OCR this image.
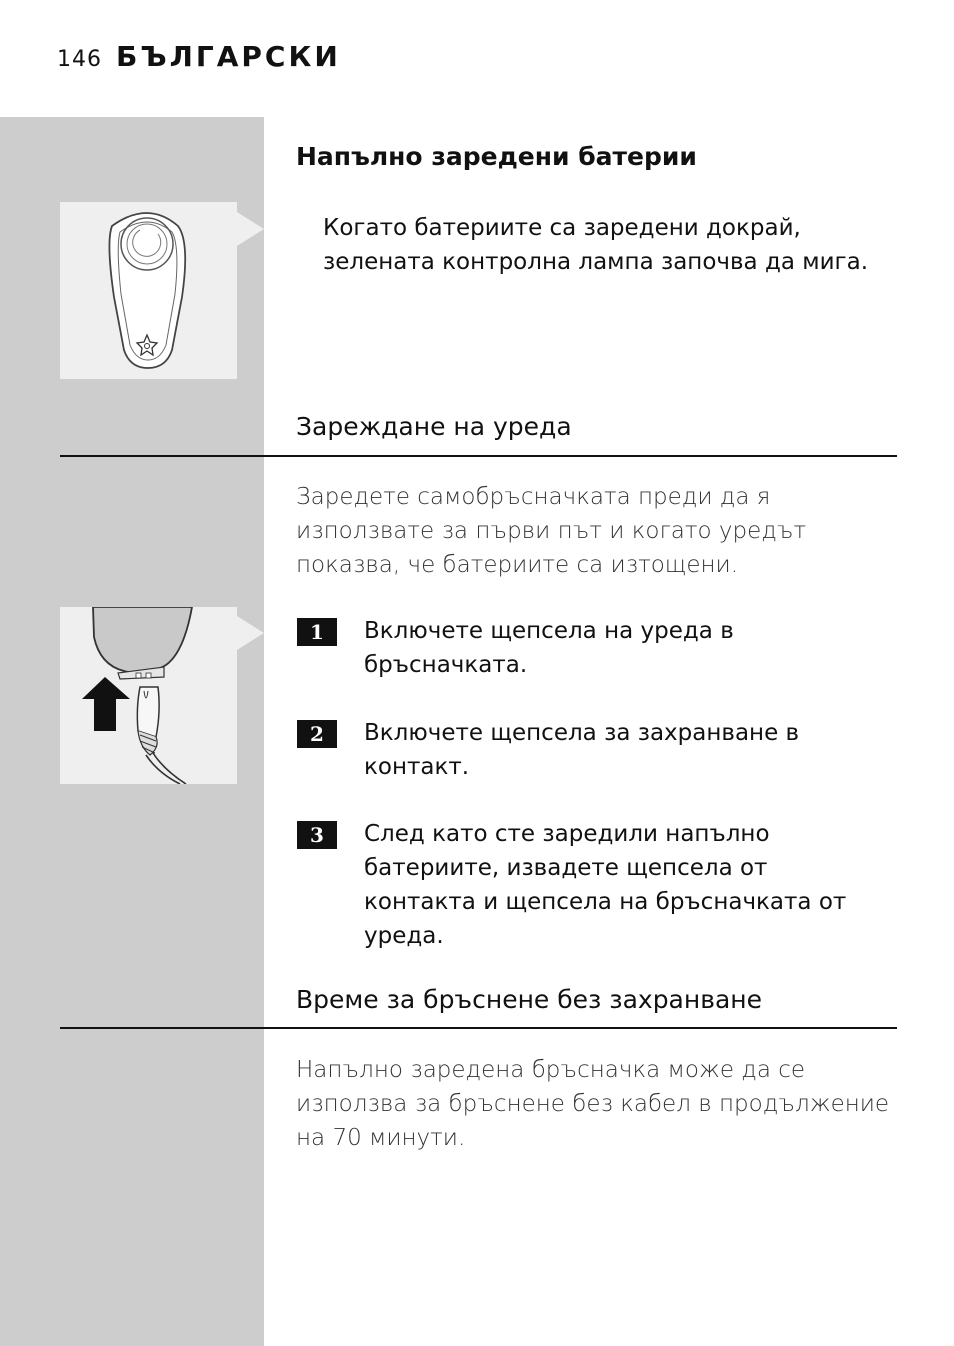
146 БЪЛГАРСКИ
Напълно заредени батерии

Когато батериите са заредени докрай, зелената контролна лампа започва да мига.

Зареждане на уреда

Заредете самобръсначката преди да я използвате за първи път и когато уредът показва, че батериите са изтощени.

1	Включете щепсела на уреда в бръсначката.
2	Включете щепсела за захранване в контакт.
3	След като сте заредили напълно батериите, извадете щепсела от контакта и щепсела на бръсначката от уреда.
Време за бръснене без захранване

Напълно заредена бръсначка може да се използва за бръснене без кабел в продължение на 70 минути.
